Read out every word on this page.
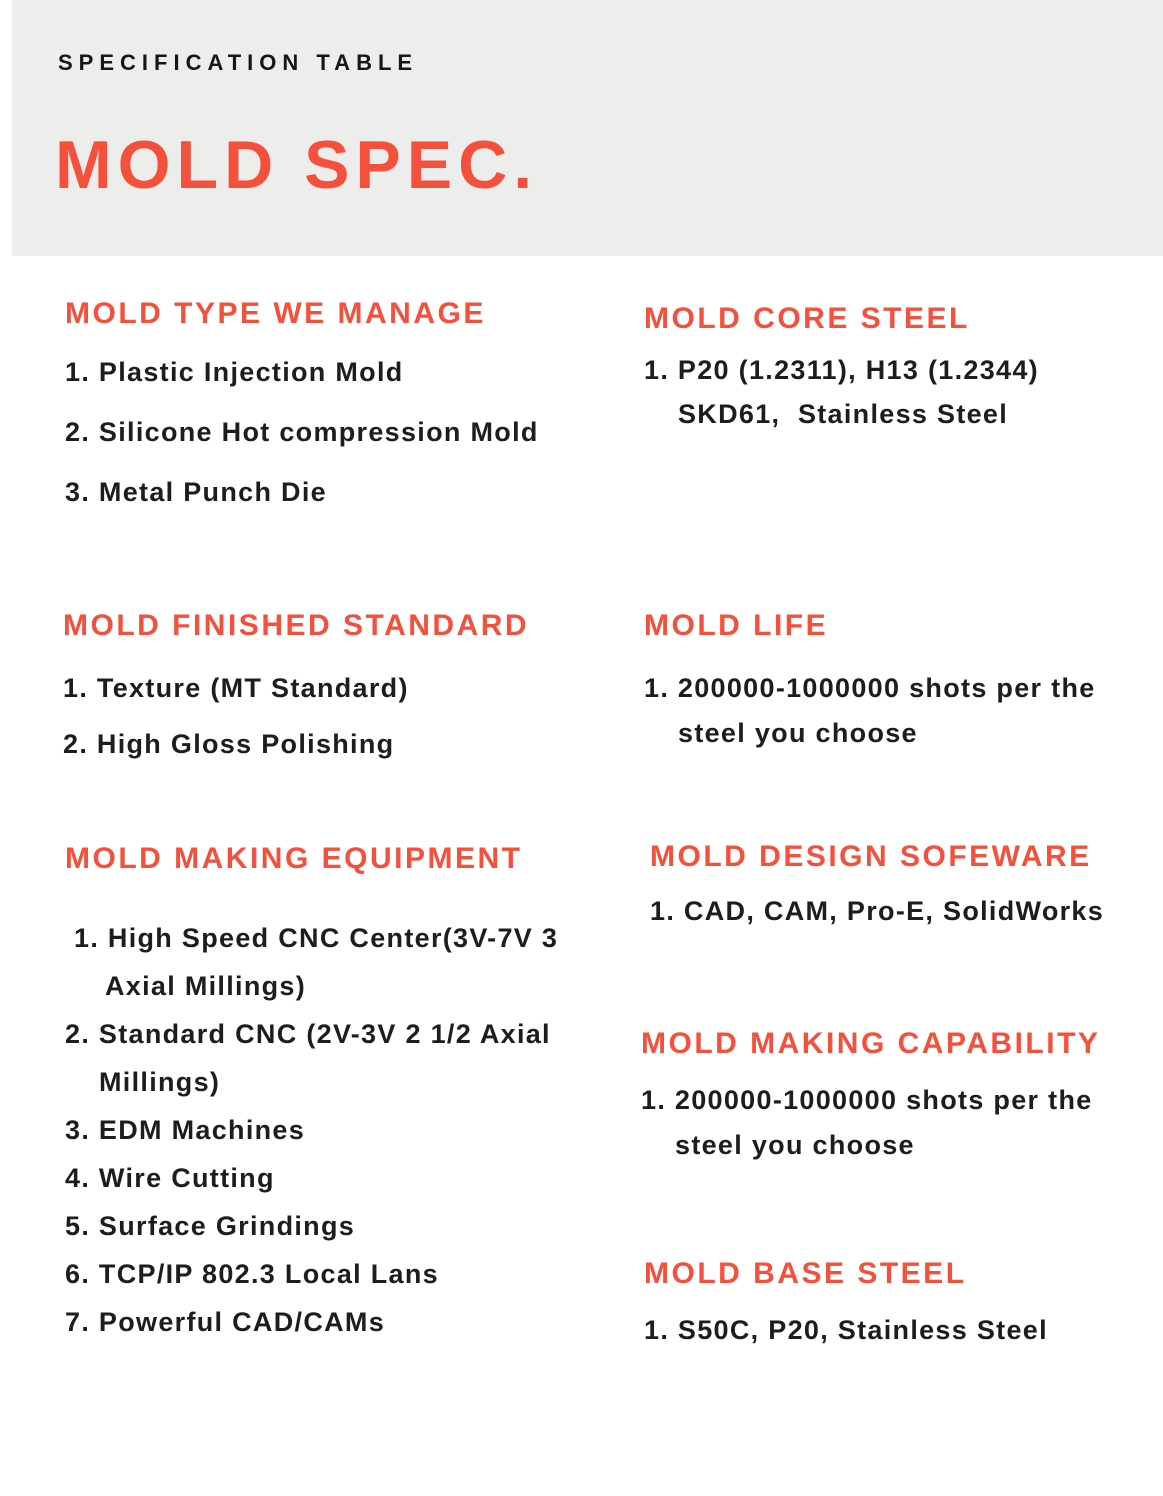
SPECIFICATION TABLE
MOLD SPEC.
MOLD TYPE WE MANAGE
1. Plastic Injection Mold
2. Silicone Hot compression Mold
3. Metal Punch Die
MOLD FINISHED STANDARD
1. Texture (MT Standard)
2. High Gloss Polishing
MOLD MAKING EQUIPMENT
1. High Speed CNC Center(3V-7V 3
Axial Millings)
2. Standard CNC (2V-3V 2 1/2 Axial
Millings)
3. EDM Machines
4. Wire Cutting
5. Surface Grindings
6. TCP/IP 802.3 Local Lans
7. Powerful CAD/CAMs
MOLD CORE STEEL
1. P20 (1.2311), H13 (1.2344)
SKD61,  Stainless Steel
MOLD LIFE
1. 200000-1000000 shots per the
steel you choose
MOLD DESIGN SOFEWARE
1. CAD, CAM, Pro-E, SolidWorks
MOLD MAKING CAPABILITY
1. 200000-1000000 shots per the
steel you choose
MOLD BASE STEEL
1. S50C, P20, Stainless Steel
